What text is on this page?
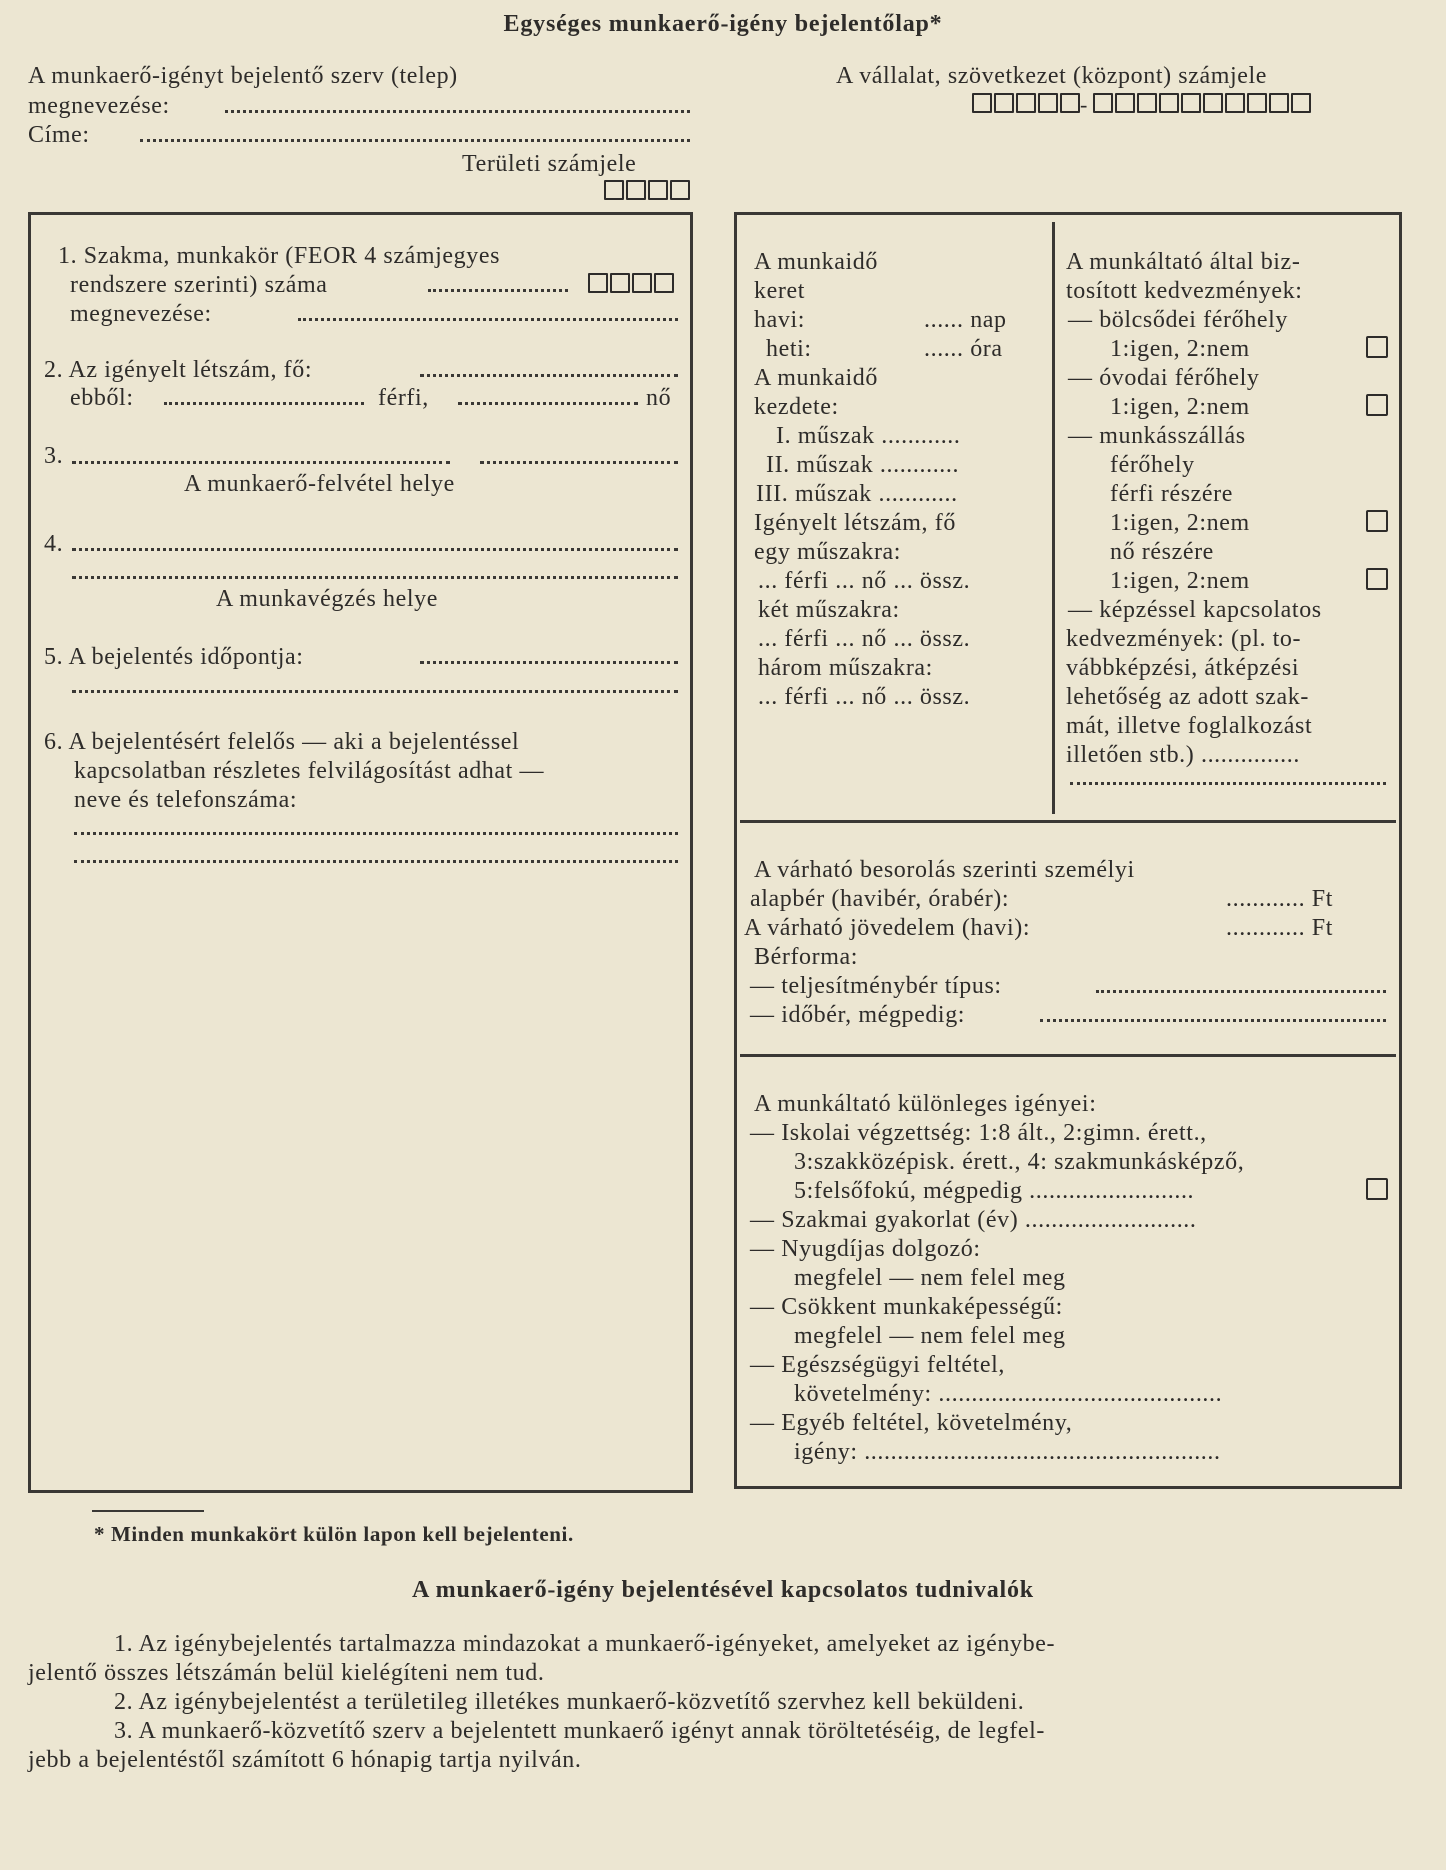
Egységes munkaerő-igény bejelentőlap*
A munkaerő-igényt bejelentő szerv (telep)
megnevezése:
Címe:
Területi számjele
A vállalat, szövetkezet (központ) számjele
-
1. Szakma, munkakör (FEOR 4 számjegyes
rendszere szerinti) száma
megnevezése:
2. Az igényelt létszám, fő:
ebből:	férfi,	nő
3.
A munkaerő-felvétel helye
4.
A munkavégzés helye
5. A bejelentés időpontja:
6. A bejelentésért felelős — aki a bejelentéssel
kapcsolatban részletes felvilágosítást adhat —
neve és telefonszáma:
A munkaidő
keret
havi:	...... nap
heti:	...... óra
A munkaidő
kezdete:
I. műszak ............
II. műszak ............
III. műszak ............
Igényelt létszám, fő
egy műszakra:
... férfi ... nő ... össz.
két műszakra:
... férfi ... nő ... össz.
három műszakra:
... férfi ... nő ... össz.
A munkáltató által biz-
tosított kedvezmények:
— bölcsődei férőhely
1:igen, 2:nem
— óvodai férőhely
1:igen, 2:nem
— munkásszállás
férőhely
férfi részére
1:igen, 2:nem
nő részére
1:igen, 2:nem
— képzéssel kapcsolatos
kedvezmények: (pl. to-
vábbképzési, átképzési
lehetőség az adott szak-
mát, illetve foglalkozást
illetően stb.) ...............
A várható besorolás szerinti személyi
alapbér (havibér, órabér):	............ Ft
A várható jövedelem (havi):	............ Ft
Bérforma:
— teljesítménybér típus:
— időbér, mégpedig:
A munkáltató különleges igényei:
— Iskolai végzettség: 1:8 ált., 2:gimn. érett.,
3:szakközépisk. érett., 4: szakmunkásképző,
5:felsőfokú, mégpedig .........................
— Szakmai gyakorlat (év) ..........................
— Nyugdíjas dolgozó:
megfelel — nem felel meg
— Csökkent munkaképességű:
megfelel — nem felel meg
— Egészségügyi feltétel,
követelmény: ...........................................
— Egyéb feltétel, követelmény,
igény: ......................................................
* Minden munkakört külön lapon kell bejelenteni.
A munkaerő-igény bejelentésével kapcsolatos tudnivalók
1. Az igénybejelentés tartalmazza mindazokat a munkaerő-igényeket, amelyeket az igénybe-
jelentő összes létszámán belül kielégíteni nem tud.
2. Az igénybejelentést a területileg illetékes munkaerő-közvetítő szervhez kell beküldeni.
3. A munkaerő-közvetítő szerv a bejelentett munkaerő igényt annak töröltetéséig, de legfel-
jebb a bejelentéstől számított 6 hónapig tartja nyilván.
